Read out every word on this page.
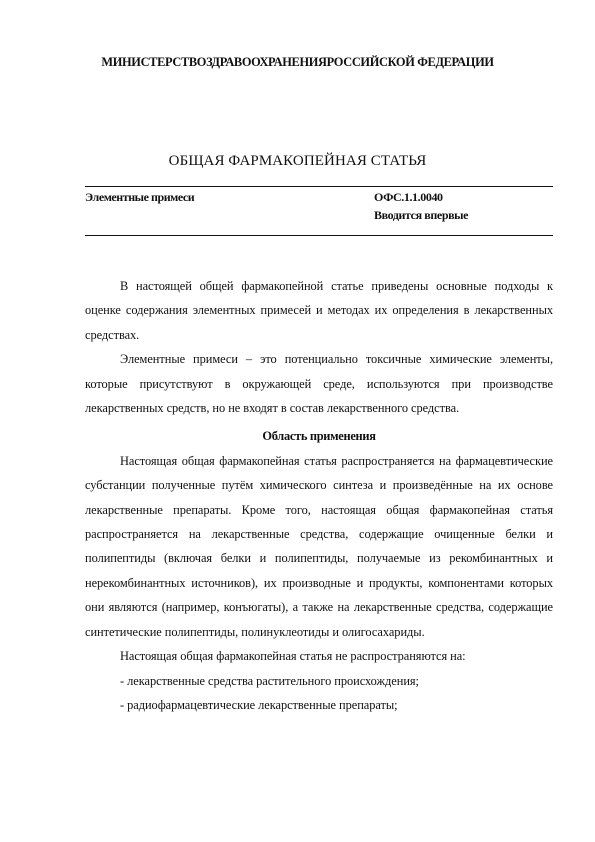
МИНИСТЕРСТВОЗДРАВООХРАНЕНИЯРОССИЙСКОЙ ФЕДЕРАЦИИ
ОБЩАЯ ФАРМАКОПЕЙНАЯ СТАТЬЯ
Элементные примеси	ОФС.1.1.0040
Вводится впервые

В настоящей общей фармакопейной статье приведены основные подходы к оценке содержания элементных примесей и методах их определения в лекарственных средствах.

Элементные примеси – это потенциально токсичные химические элементы, которые присутствуют в окружающей среде, используются при производстве лекарственных средств, но не входят в состав лекарственного средства.

Область применения

Настоящая общая фармакопейная статья распространяется на фармацевтические субстанции полученные путём химического синтеза и произведённые на их основе лекарственные препараты. Кроме того, настоящая общая фармакопейная статья распространяется на лекарственные средства, содержащие очищенные белки и полипептиды (включая белки и полипептиды, получаемые из рекомбинантных и нерекомбинантных источников), их производные и продукты, компонентами которых они являются (например, конъюгаты), а также на лекарственные средства, содержащие синтетические полипептиды, полинуклеотиды и олигосахариды.

Настоящая общая фармакопейная статья не распространяются на:

- лекарственные средства растительного происхождения;

- радиофармацевтические лекарственные препараты;
